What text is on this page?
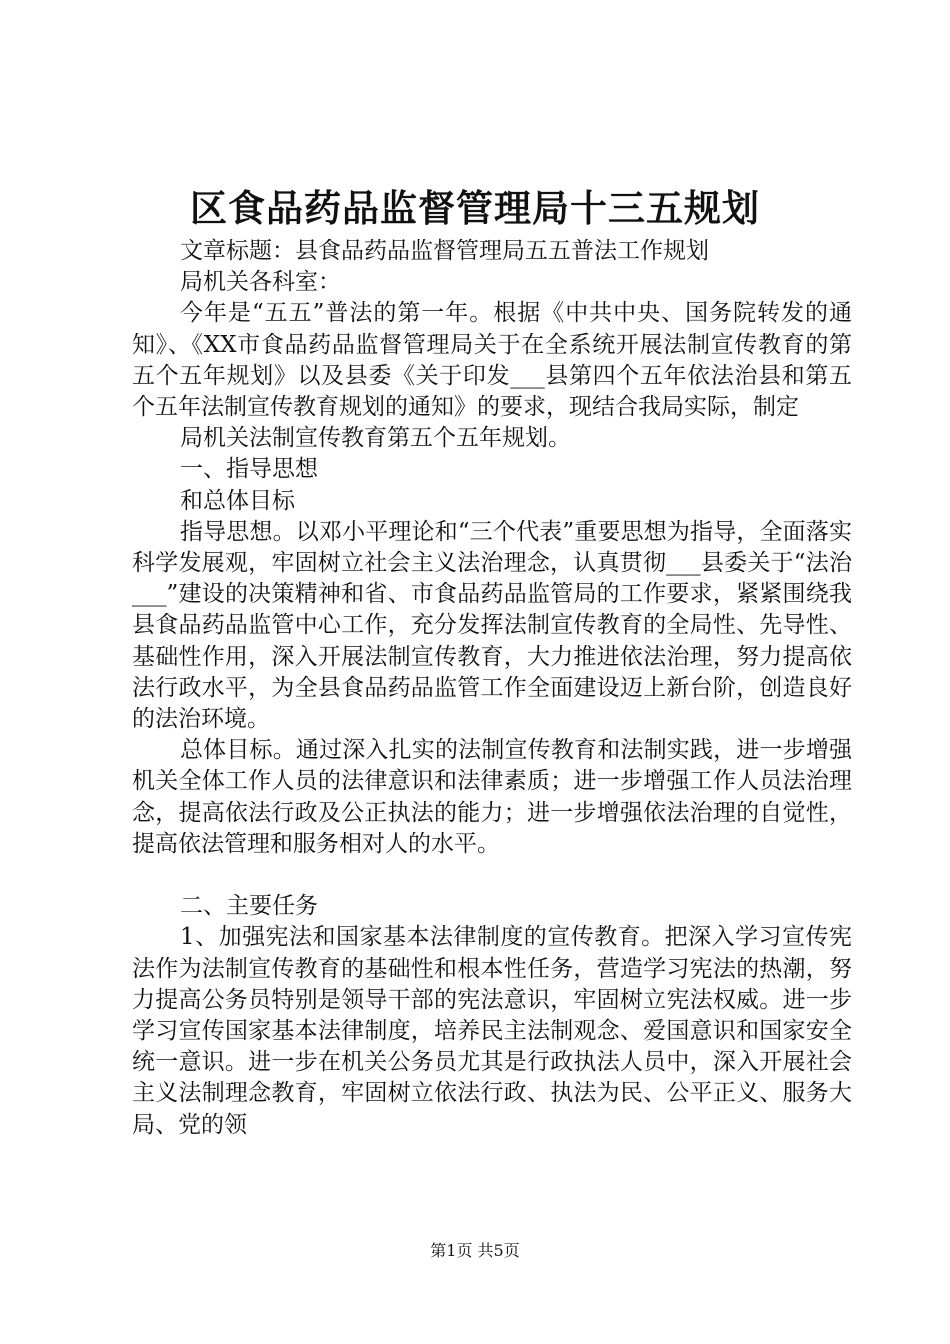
区食品药品监督管理局十三五规划

文章标题：县食品药品监督管理局五五普法工作规划

局机关各科室：

今年是“五五”普法的第一年。根据《中共中央、国务院转发的通知》、《XX市食品药品监督管理局关于在全系统开展法制宣传教育的第五个五年规划》以及县委《关于印发___县第四个五年依法治县和第五个五年法制宣传教育规划的通知》的要求，现结合我局实际，制定

局机关法制宣传教育第五个五年规划。

一、指导思想

和总体目标

指导思想。以邓小平理论和“三个代表”重要思想为指导，全面落实科学发展观，牢固树立社会主义法治理念，认真贯彻___县委关于“法治___”建设的决策精神和省、市食品药品监管局的工作要求，紧紧围绕我县食品药品监管中心工作，充分发挥法制宣传教育的全局性、先导性、基础性作用，深入开展法制宣传教育，大力推进依法治理，努力提高依法行政水平，为全县食品药品监管工作全面建设迈上新台阶，创造良好的法治环境。

总体目标。通过深入扎实的法制宣传教育和法制实践，进一步增强机关全体工作人员的法律意识和法律素质；进一步增强工作人员法治理念，提高依法行政及公正执法的能力；进一步增强依法治理的自觉性，提高依法管理和服务相对人的水平。

二、主要任务

1、加强宪法和国家基本法律制度的宣传教育。把深入学习宣传宪法作为法制宣传教育的基础性和根本性任务，营造学习宪法的热潮，努力提高公务员特别是领导干部的宪法意识，牢固树立宪法权威。进一步学习宣传国家基本法律制度，培养民主法制观念、爱国意识和国家安全统一意识。进一步在机关公务员尤其是行政执法人员中，深入开展社会主义法制理念教育，牢固树立依法行政、执法为民、公平正义、服务大局、党的领

第1页 共5页
